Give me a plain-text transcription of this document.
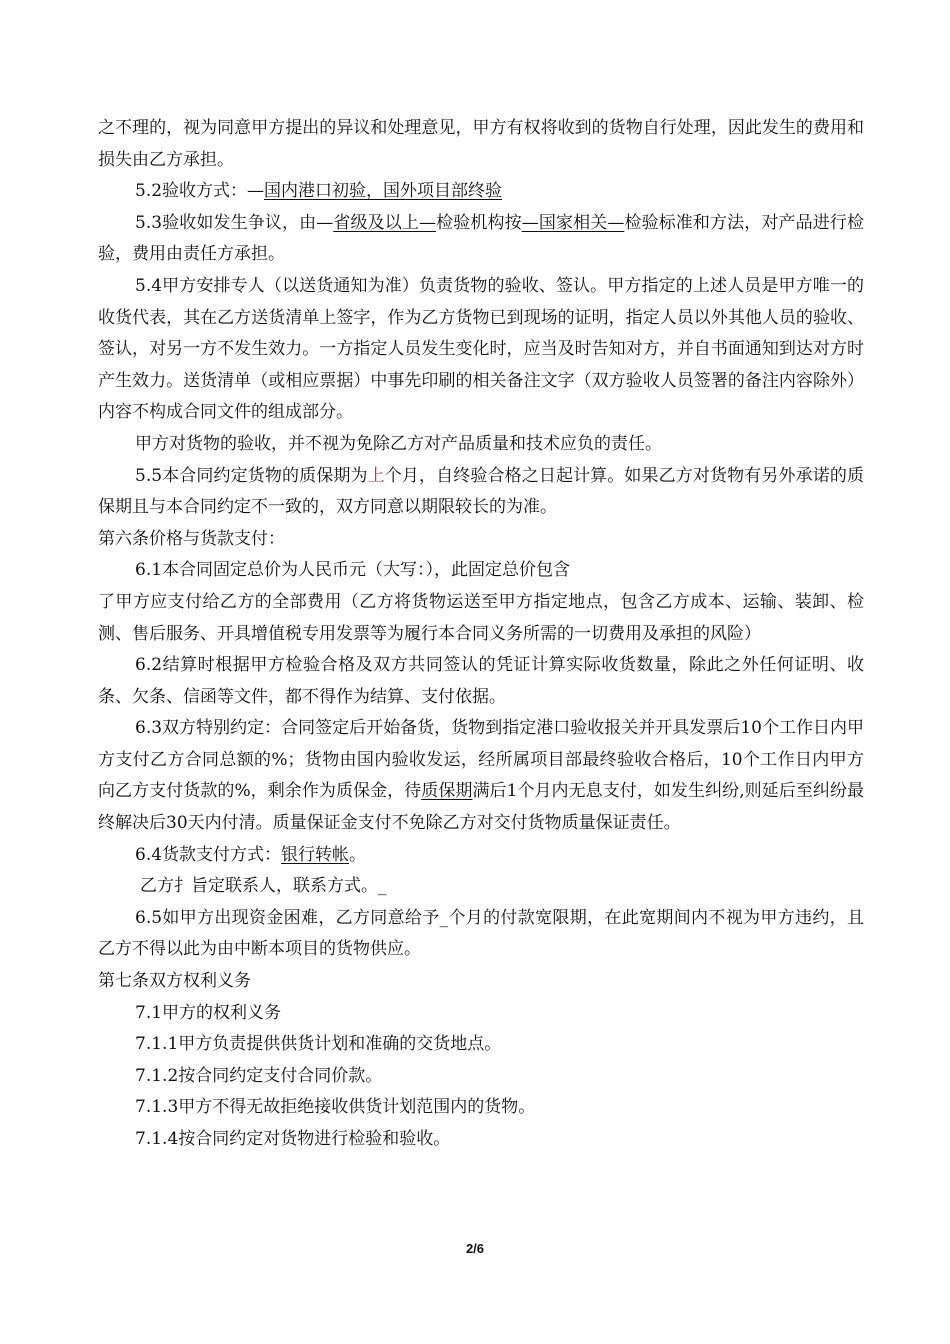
之不理的，视为同意甲方提出的异议和处理意见，甲方有权将收到的货物自行处理，因此发生的费用和损失由乙方承担。

5.2验收方式：—国内港口初验，国外项目部终验

5.3验收如发生争议，由—省级及以上—检验机构按—国家相关—检验标准和方法，对产品进行检验，费用由责任方承担。

5.4甲方安排专人（以送货通知为准）负责货物的验收、签认。甲方指定的上述人员是甲方唯一的收货代表，其在乙方送货清单上签字，作为乙方货物已到现场的证明，指定人员以外其他人员的验收、签认，对另一方不发生效力。一方指定人员发生变化时，应当及时告知对方，并自书面通知到达对方时产生效力。送货清单（或相应票据）中事先印刷的相关备注文字（双方验收人员签署的备注内容除外）内容不构成合同文件的组成部分。

甲方对货物的验收，并不视为免除乙方对产品质量和技术应负的责任。

5.5本合同约定货物的质保期为上个月，自终验合格之日起计算。如果乙方对货物有另外承诺的质保期且与本合同约定不一致的，双方同意以期限较长的为准。

第六条价格与货款支付：

6.1本合同固定总价为人民币元（大写：），此固定总价包含

了甲方应支付给乙方的全部费用（乙方将货物运送至甲方指定地点，包含乙方成本、运输、装卸、检测、售后服务、开具增值税专用发票等为履行本合同义务所需的一切费用及承担的风险）

6.2结算时根据甲方检验合格及双方共同签认的凭证计算实际收货数量，除此之外任何证明、收条、欠条、信函等文件，都不得作为结算、支付依据。

6.3双方特别约定：合同签定后开始备货，货物到指定港口验收报关并开具发票后10个工作日内甲方支付乙方合同总额的%；货物由国内验收发运，经所属项目部最终验收合格后，10个工作日内甲方向乙方支付货款的%，剩余作为质保金，待质保期满后1个月内无息支付，如发生纠纷,则延后至纠纷最终解决后30天内付清。质量保证金支付不免除乙方对交付货物质量保证责任。

6.4货款支付方式：银行转帐。

乙方扌旨定联系人，联系方式。_

6.5如甲方出现资金困难，乙方同意给予_个月的付款宽限期，在此宽期间内不视为甲方违约，且乙方不得以此为由中断本项目的货物供应。

第七条双方权利义务

7.1甲方的权利义务

7.1.1甲方负责提供供货计划和准确的交货地点。

7.1.2按合同约定支付合同价款。

7.1.3甲方不得无故拒绝接收供货计划范围内的货物。

7.1.4按合同约定对货物进行检验和验收。

2/6
